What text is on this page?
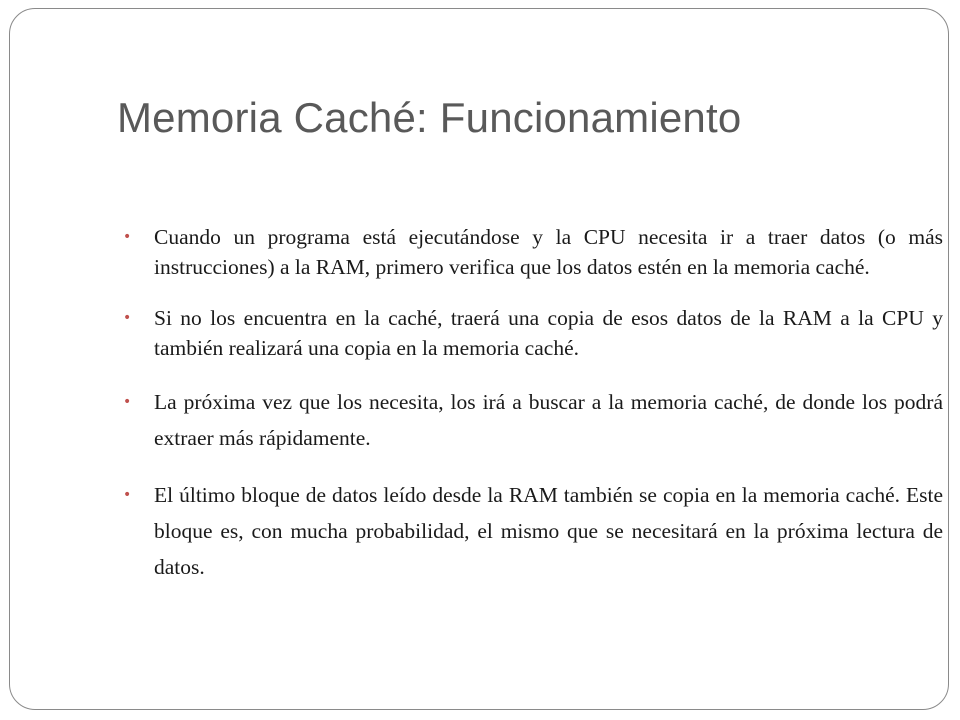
Memoria Caché: Funcionamiento
• Cuando un programa está ejecutándose y la CPU necesita ir a traer datos (o más instrucciones) a la RAM, primero verifica que los datos estén en la memoria caché.
• Si no los encuentra en la caché, traerá una copia de esos datos de la RAM a la CPU y también realizará una copia en la memoria caché.
• La próxima vez que los necesita, los irá a buscar a la memoria caché, de donde los podrá extraer más rápidamente.
• El último bloque de datos leído desde la RAM también se copia en la memoria caché. Este bloque es, con mucha probabilidad, el mismo que se necesitará en la próxima lectura de datos.
